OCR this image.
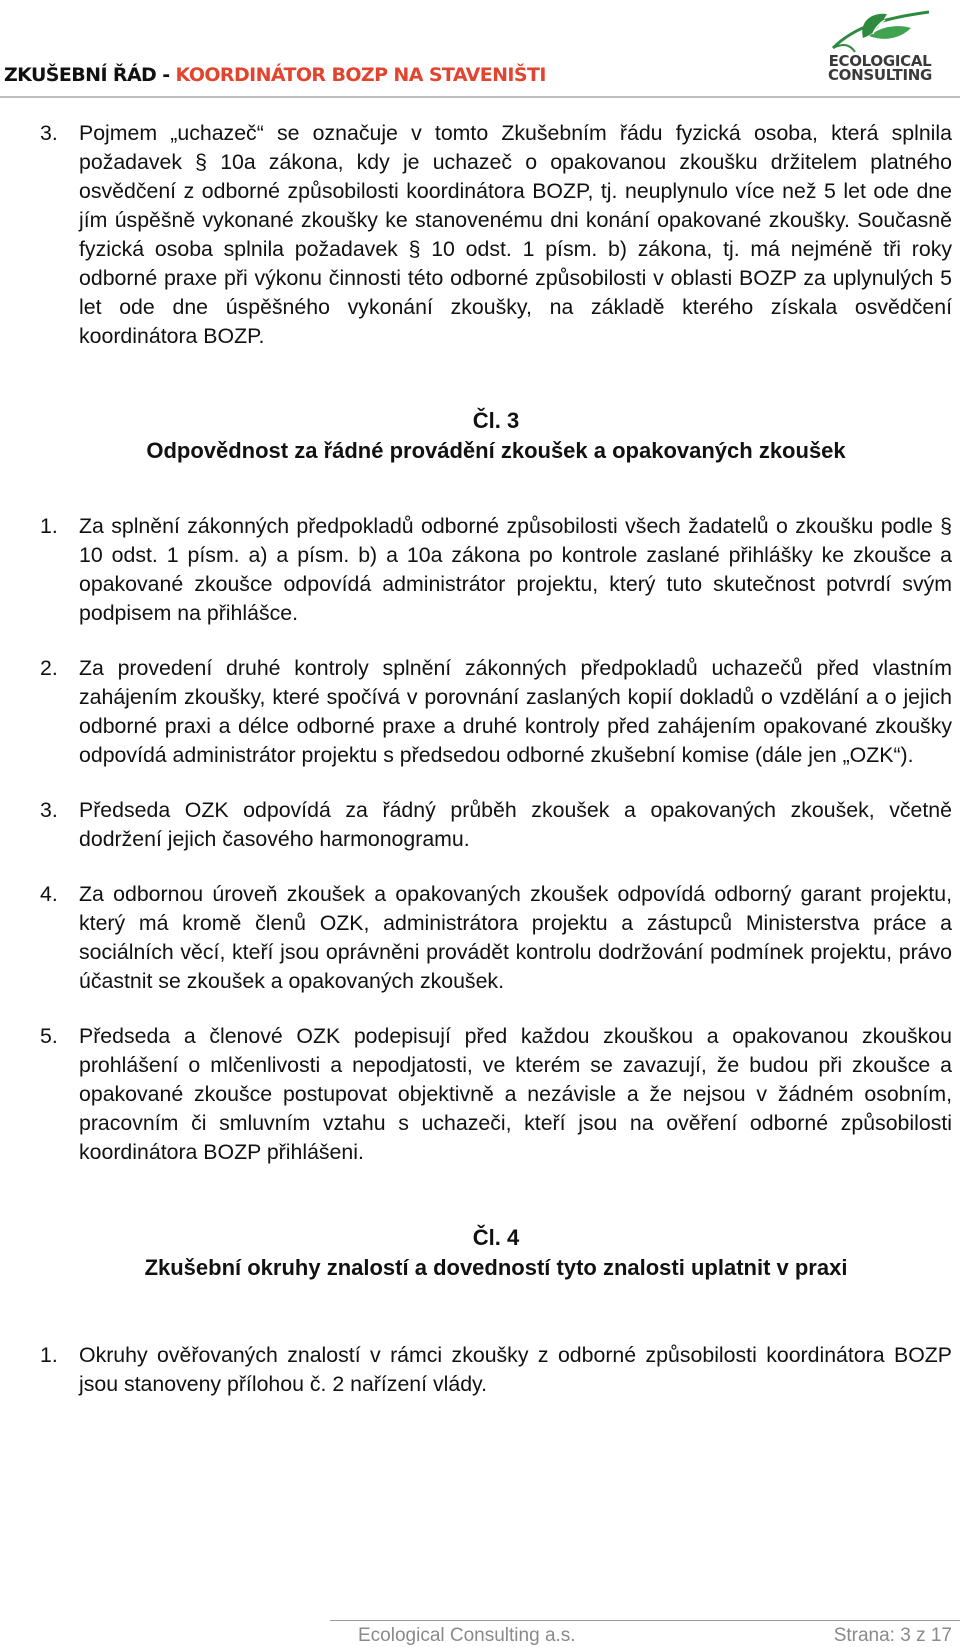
ZKUŠEBNÍ ŘÁD - KOORDINÁTOR BOZP NA STAVENIŠTI
ECOLOGICAL
CONSULTING
3. Pojmem „uchazeč“ se označuje v tomto Zkušebním řádu fyzická osoba, která splnila požadavek § 10a zákona, kdy je uchazeč o opakovanou zkoušku držitelem platného osvědčení z odborné způsobilosti koordinátora BOZP, tj. neuplynulo více než 5 let ode dne jím úspěšně vykonané zkoušky ke stanovenému dni konání opakované zkoušky. Současně fyzická osoba splnila požadavek § 10 odst. 1 písm. b) zákona, tj. má nejméně tři roky odborné praxe při výkonu činnosti této odborné způsobilosti v oblasti BOZP za uplynulých 5 let ode dne úspěšného vykonání zkoušky, na základě kterého získala osvědčení koordinátora BOZP.

Čl. 3

Odpovědnost za řádné provádění zkoušek a opakovaných zkoušek

1. Za splnění zákonných předpokladů odborné způsobilosti všech žadatelů o zkoušku podle § 10 odst. 1 písm. a) a písm. b) a 10a zákona po kontrole zaslané přihlášky ke zkoušce a opakované zkoušce odpovídá administrátor projektu, který tuto skutečnost potvrdí svým podpisem na přihlášce.
2. Za provedení druhé kontroly splnění zákonných předpokladů uchazečů před vlastním zahájením zkoušky, které spočívá v porovnání zaslaných kopií dokladů o vzdělání a o jejich odborné praxi a délce odborné praxe a druhé kontroly před zahájením opakované zkoušky odpovídá administrátor projektu s předsedou odborné zkušební komise (dále jen „OZK“).
3. Předseda OZK odpovídá za řádný průběh zkoušek a opakovaných zkoušek, včetně dodržení jejich časového harmonogramu.
4. Za odbornou úroveň zkoušek a opakovaných zkoušek odpovídá odborný garant projektu, který má kromě členů OZK, administrátora projektu a zástupců Ministerstva práce a sociálních věcí, kteří jsou oprávněni provádět kontrolu dodržování podmínek projektu, právo účastnit se zkoušek a opakovaných zkoušek.
5. Předseda a členové OZK podepisují před každou zkouškou a opakovanou zkouškou prohlášení o mlčenlivosti a nepodjatosti, ve kterém se zavazují, že budou při zkoušce a opakované zkoušce postupovat objektivně a nezávisle a že nejsou v žádném osobním, pracovním či smluvním vztahu s uchazeči, kteří jsou na ověření odborné způsobilosti koordinátora BOZP přihlášeni.

Čl. 4

Zkušební okruhy znalostí a dovedností tyto znalosti uplatnit v praxi

1. Okruhy ověřovaných znalostí v rámci zkoušky z odborné způsobilosti koordinátora BOZP jsou stanoveny přílohou č. 2 nařízení vlády.
Ecological Consulting a.s.	Strana: 3 z 17
